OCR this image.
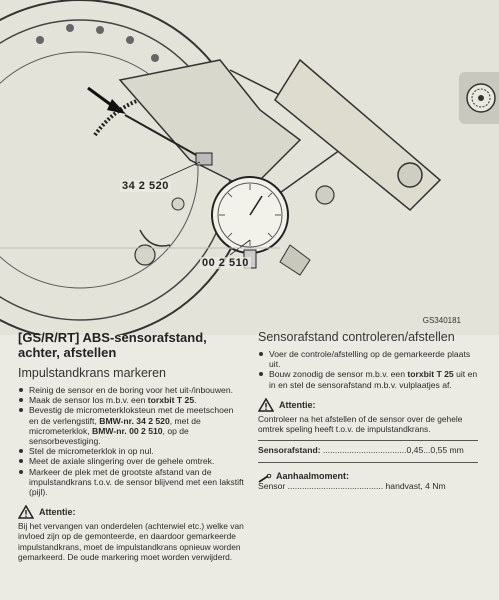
34 2 520
00 2 510
GS340181
[GS/R/RT] ABS-sensorafstand, achter, afstellen
Impulstandkrans markeren
Reinig de sensor en de boring voor het uit-/inbouwen.
Maak de sensor los m.b.v. een torxbit T 25.
Bevestig de micrometerklokstеun met de meetschoen en de verlengstift, BMW-nr. 34 2 520, met de micrometerklok, BMW-nr. 00 2 510, op de sensorbevestiging.
Stel de micrometerklok in op nul.
Meet de axiale slingering over de gehele omtrek.
Markeer de plek met de grootste afstand van de impulstandkrans t.o.v. de sensor blijvend met een lakstift (pijl).
Attentie:
Bij het vervangen van onderdelen (achterwiel etc.) welke van invloed zijn op de gemonteerde, en daardoor gemarkeerde impulstandkrans, moet de impulstandkrans opnieuw worden gemarkeerd. De oude markering moet worden verwijderd.
Sensorafstand controleren/afstellen
Voer de controle/afstelling op de gemarkeerde plaats uit.
Bouw zonodig de sensor m.b.v. een torxbit T 25 uit en in en stel de sensorafstand m.b.v. vulplaatjes af.
Attentie:
Controleer na het afstellen of de sensor over de gehele omtrek speling heeft t.o.v. de impulstandkrans.
Sensorafstand: ...................................0,45...0,55 mm
Aanhaalmoment:
Sensor ........................................ handvast, 4 Nm
